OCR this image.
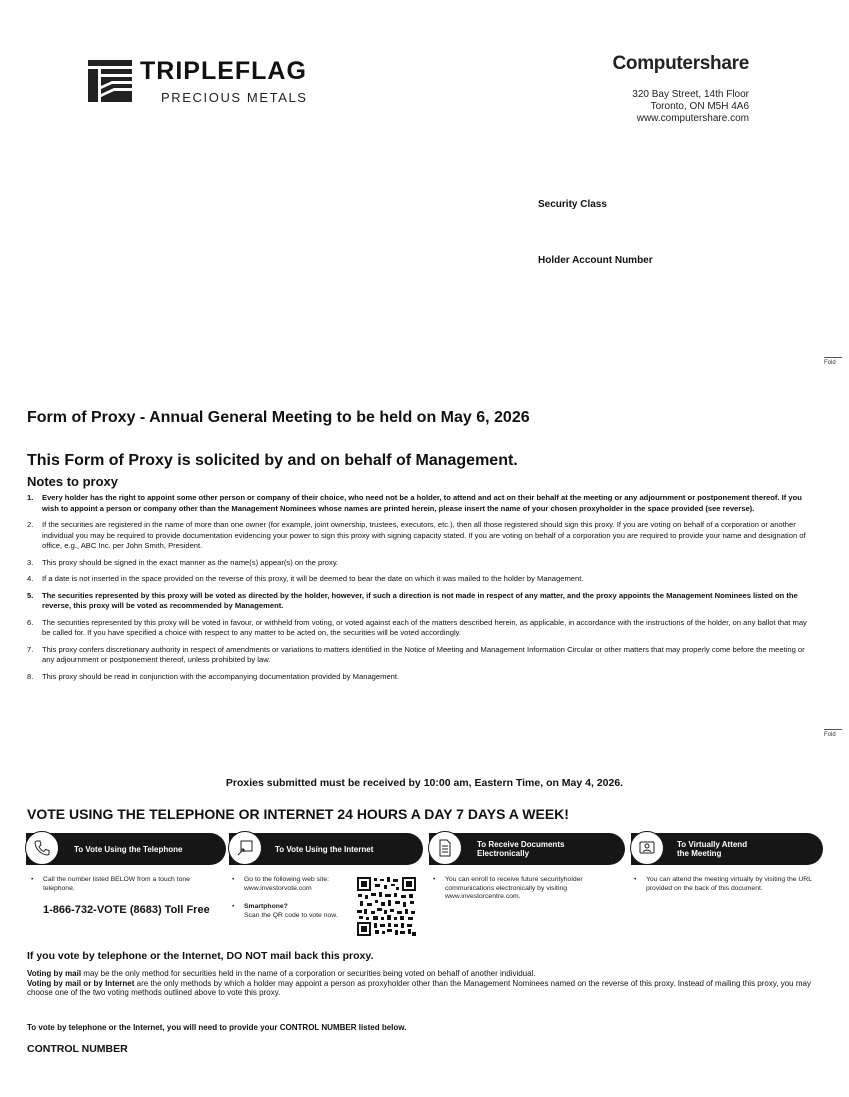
TRIPLEFLAG
PRECIOUS METALS
Computershare
320 Bay Street, 14th Floor
Toronto, ON M5H 4A6
www.computershare.com
Security Class
Holder Account Number
Fold
Fold
Form of Proxy - Annual General Meeting to be held on May 6, 2026
This Form of Proxy is solicited by and on behalf of Management.
Notes to proxy
1. Every holder has the right to appoint some other person or company of their choice, who need not be a holder, to attend and act on their behalf at the meeting or any adjournment or postponement thereof. If you wish to appoint a person or company other than the Management Nominees whose names are printed herein, please insert the name of your chosen proxyholder in the space provided (see reverse).
2. If the securities are registered in the name of more than one owner (for example, joint ownership, trustees, executors, etc.), then all those registered should sign this proxy. If you are voting on behalf of a corporation or another individual you may be required to provide documentation evidencing your power to sign this proxy with signing capacity stated. If you are voting on behalf of a corporation you are required to provide your name and designation of office, e.g., ABC Inc. per John Smith, President.
3. This proxy should be signed in the exact manner as the name(s) appear(s) on the proxy.
4. If a date is not inserted in the space provided on the reverse of this proxy, it will be deemed to bear the date on which it was mailed to the holder by Management.
5. The securities represented by this proxy will be voted as directed by the holder, however, if such a direction is not made in respect of any matter, and the proxy appoints the Management Nominees listed on the reverse, this proxy will be voted as recommended by Management.
6. The securities represented by this proxy will be voted in favour, or withheld from voting, or voted against each of the matters described herein, as applicable, in accordance with the instructions of the holder, on any ballot that may be called for. If you have specified a choice with respect to any matter to be acted on, the securities will be voted accordingly.
7. This proxy confers discretionary authority in respect of amendments or variations to matters identified in the Notice of Meeting and Management Information Circular or other matters that may properly come before the meeting or any adjournment or postponement thereof, unless prohibited by law.
8. This proxy should be read in conjunction with the accompanying documentation provided by Management.
Proxies submitted must be received by 10:00 am, Eastern Time, on May 4, 2026.
VOTE USING THE TELEPHONE OR INTERNET 24 HOURS A DAY 7 DAYS A WEEK!
To Vote Using the Telephone	To Vote Using the Internet	To Receive Documents
Electronically
To Virtually Attend
the Meeting
• Call the number listed BELOW from a touch tone telephone.
1-866-732-VOTE (8683) Toll Free
• Go to the following web site: www.investorvote.com
• Smartphone?
Scan the QR code to vote now.
• You can enroll to receive future securityholder communications electronically by visiting www.investorcentre.com.
• You can attend the meeting virtually by visiting the URL provided on the back of this document.
If you vote by telephone or the Internet, DO NOT mail back this proxy.
Voting by mail may be the only method for securities held in the name of a corporation or securities being voted on behalf of another individual.
Voting by mail or by Internet are the only methods by which a holder may appoint a person as proxyholder other than the Management Nominees named on the reverse of this proxy. Instead of mailing this proxy, you may choose one of the two voting methods outlined above to vote this proxy.
To vote by telephone or the Internet, you will need to provide your CONTROL NUMBER listed below.
CONTROL NUMBER
